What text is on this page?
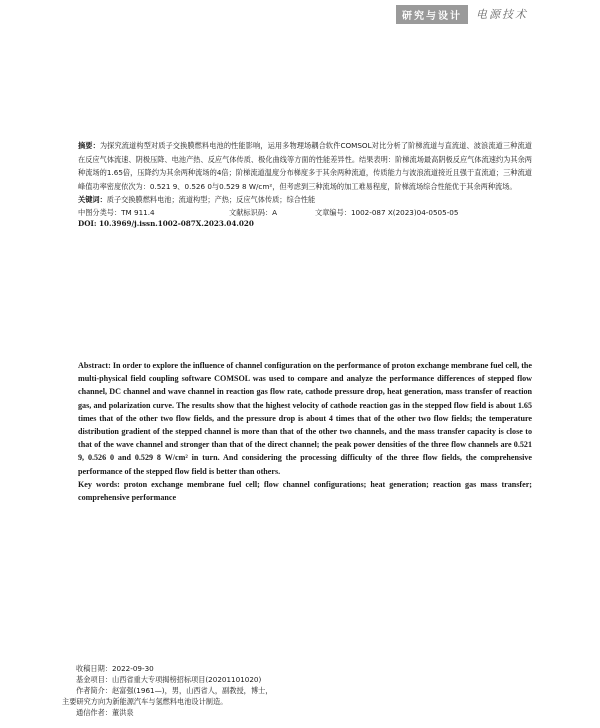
研究与设计	电源技术

摘要：为探究流道构型对质子交换膜燃料电池的性能影响，运用多物理场耦合软件COMSOL对比分析了阶梯流道与直流道、波浪流道三种流道在反应气体流速、阴极压降、电池产热、反应气体传质、极化曲线等方面的性能差异性。结果表明：阶梯流场最高阴极反应气体流速约为其余两种流场的1.65倍，压降约为其余两种流场的4倍；阶梯流道温度分布梯度多于其余两种流道，传质能力与波浪流道接近且强于直流道；三种流道峰值功率密度依次为：0.521 9、0.526 0与0.529 8 W/cm²，但考虑到三种流场的加工难易程度，阶梯流场综合性能优于其余两种流场。

关键词：质子交换膜燃料电池；流道构型；产热；反应气体传质；综合性能

中图分类号：TM 911.4	文献标识码：A	文章编号：1002-087 X(2023)04-0505-05
DOI: 10.3969/j.issn.1002-087X.2023.04.020

Abstract: In order to explore the influence of channel configuration on the performance of proton exchange membrane fuel cell, the multi-physical field coupling software COMSOL was used to compare and analyze the performance differences of stepped flow channel, DC channel and wave channel in reaction gas flow rate, cathode pressure drop, heat generation, mass transfer of reaction gas, and polarization curve. The results show that the highest velocity of cathode reaction gas in the stepped flow field is about 1.65 times that of the other two flow fields, and the pressure drop is about 4 times that of the other two flow fields; the temperature distribution gradient of the stepped channel is more than that of the other two channels, and the mass transfer capacity is close to that of the wave channel and stronger than that of the direct channel; the peak power densities of the three flow channels are 0.521 9, 0.526 0 and 0.529 8 W/cm² in turn. And considering the processing difficulty of the three flow fields, the comprehensive performance of the stepped flow field is better than others.

Key words: proton exchange membrane fuel cell; flow channel configurations; heat generation; reaction gas mass transfer; comprehensive performance

收稿日期：2022-09-30

基金项目：山西省重大专项揭榜招标项目(20201101020)

作者简介：赵富强(1961—)，男，山西省人，副教授，博士，

主要研究方向为新能源汽车与氢燃料电池设计制造。

通信作者：董洪泉
